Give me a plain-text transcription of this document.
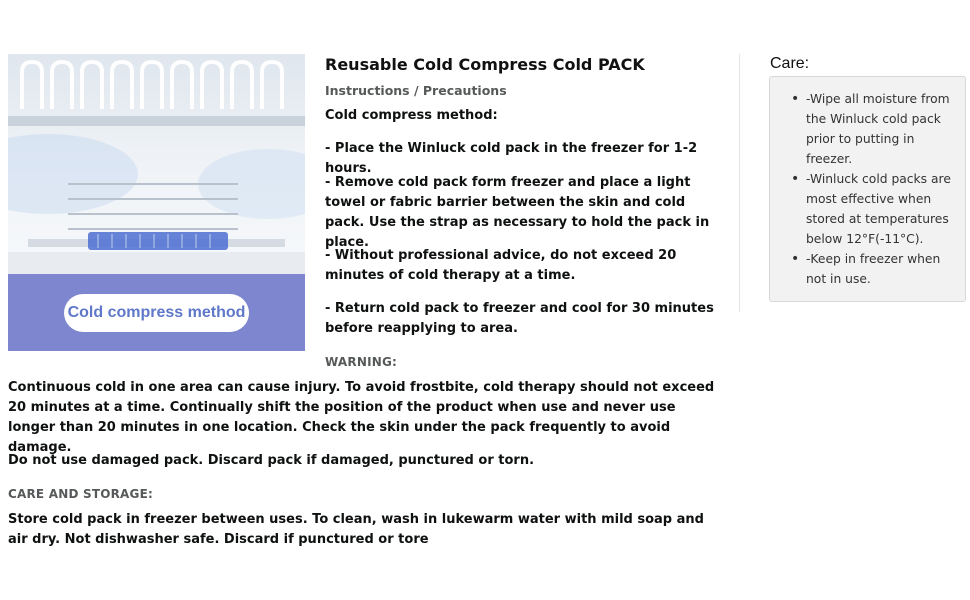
Cold compress method
Reusable Cold Compress Cold PACK
Instructions / Precautions
Cold compress method:
- Place the Winluck cold pack in the freezer for 1-2 hours.
- Remove cold pack form freezer and place a light towel or fabric barrier between the skin and cold pack. Use the strap as necessary to hold the pack in place.
- Without professional advice, do not exceed 20 minutes of cold therapy at a time.
- Return cold pack to freezer and cool for 30 minutes before reapplying to area.
WARNING:
Continuous cold in one area can cause injury. To avoid frostbite, cold therapy should not exceed 20 minutes at a time. Continually shift the position of the product when use and never use longer than 20 minutes in one location. Check the skin under the pack frequently to avoid damage.
Do not use damaged pack. Discard pack if damaged, punctured or torn.
CARE AND STORAGE:
Store cold pack in freezer between uses. To clean, wash in lukewarm water with mild soap and air dry. Not dishwasher safe. Discard if punctured or tore
Care:
• -Wipe all moisture from the Winluck cold pack prior to putting in freezer.
• -Winluck cold packs are most effective when stored at temperatures below 12°F(-11°C).
• -Keep in freezer when not in use.
